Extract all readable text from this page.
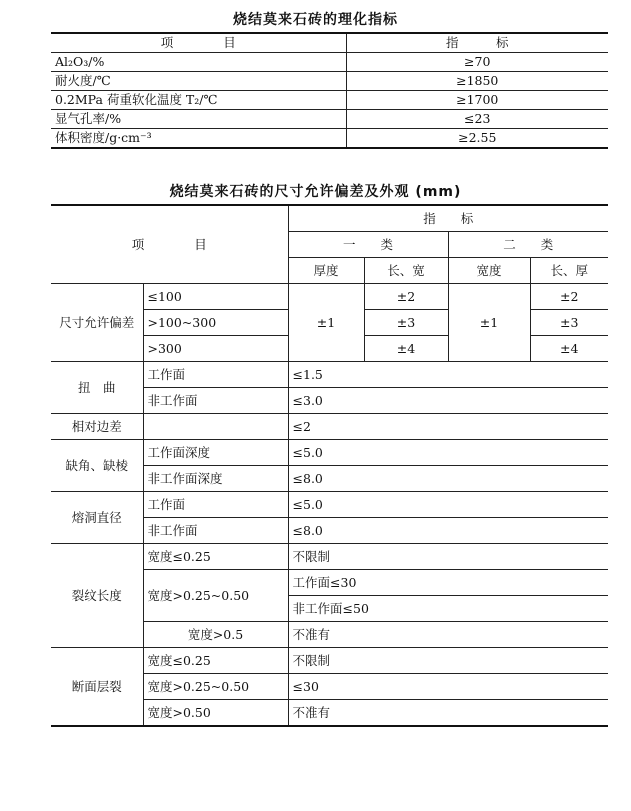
烧结莫来石砖的理化指标
项　　　　目	指　　　标
Al₂O₃/%	≥70
耐火度/℃	≥1850
0.2MPa 荷重软化温度 T₂/℃	≥1700
显气孔率/%	≤23
体积密度/g·cm⁻³	≥2.55
烧结莫来石砖的尺寸允许偏差及外观 (mm)
项　　　　目		指　　标			
		一　　类		二　　类	
		厚度	长、宽	宽度	长、厚
尺寸允许偏差	≤100	±1	±2	±1	±2
	>100~300		±3		±3
	>300		±4		±4
扭　曲	工作面	≤1.5			
	非工作面	≤3.0			
相对边差		≤2			
缺角、缺棱	工作面深度	≤5.0			
	非工作面深度	≤8.0			
熔洞直径	工作面	≤5.0			
	非工作面	≤8.0			
裂纹长度	宽度≤0.25	不限制			
	宽度>0.25~0.50	工作面≤30			
		非工作面≤50			
	宽度>0.5	不准有			
断面层裂	宽度≤0.25	不限制			
	宽度>0.25~0.50	≤30			
	宽度>0.50	不准有			
